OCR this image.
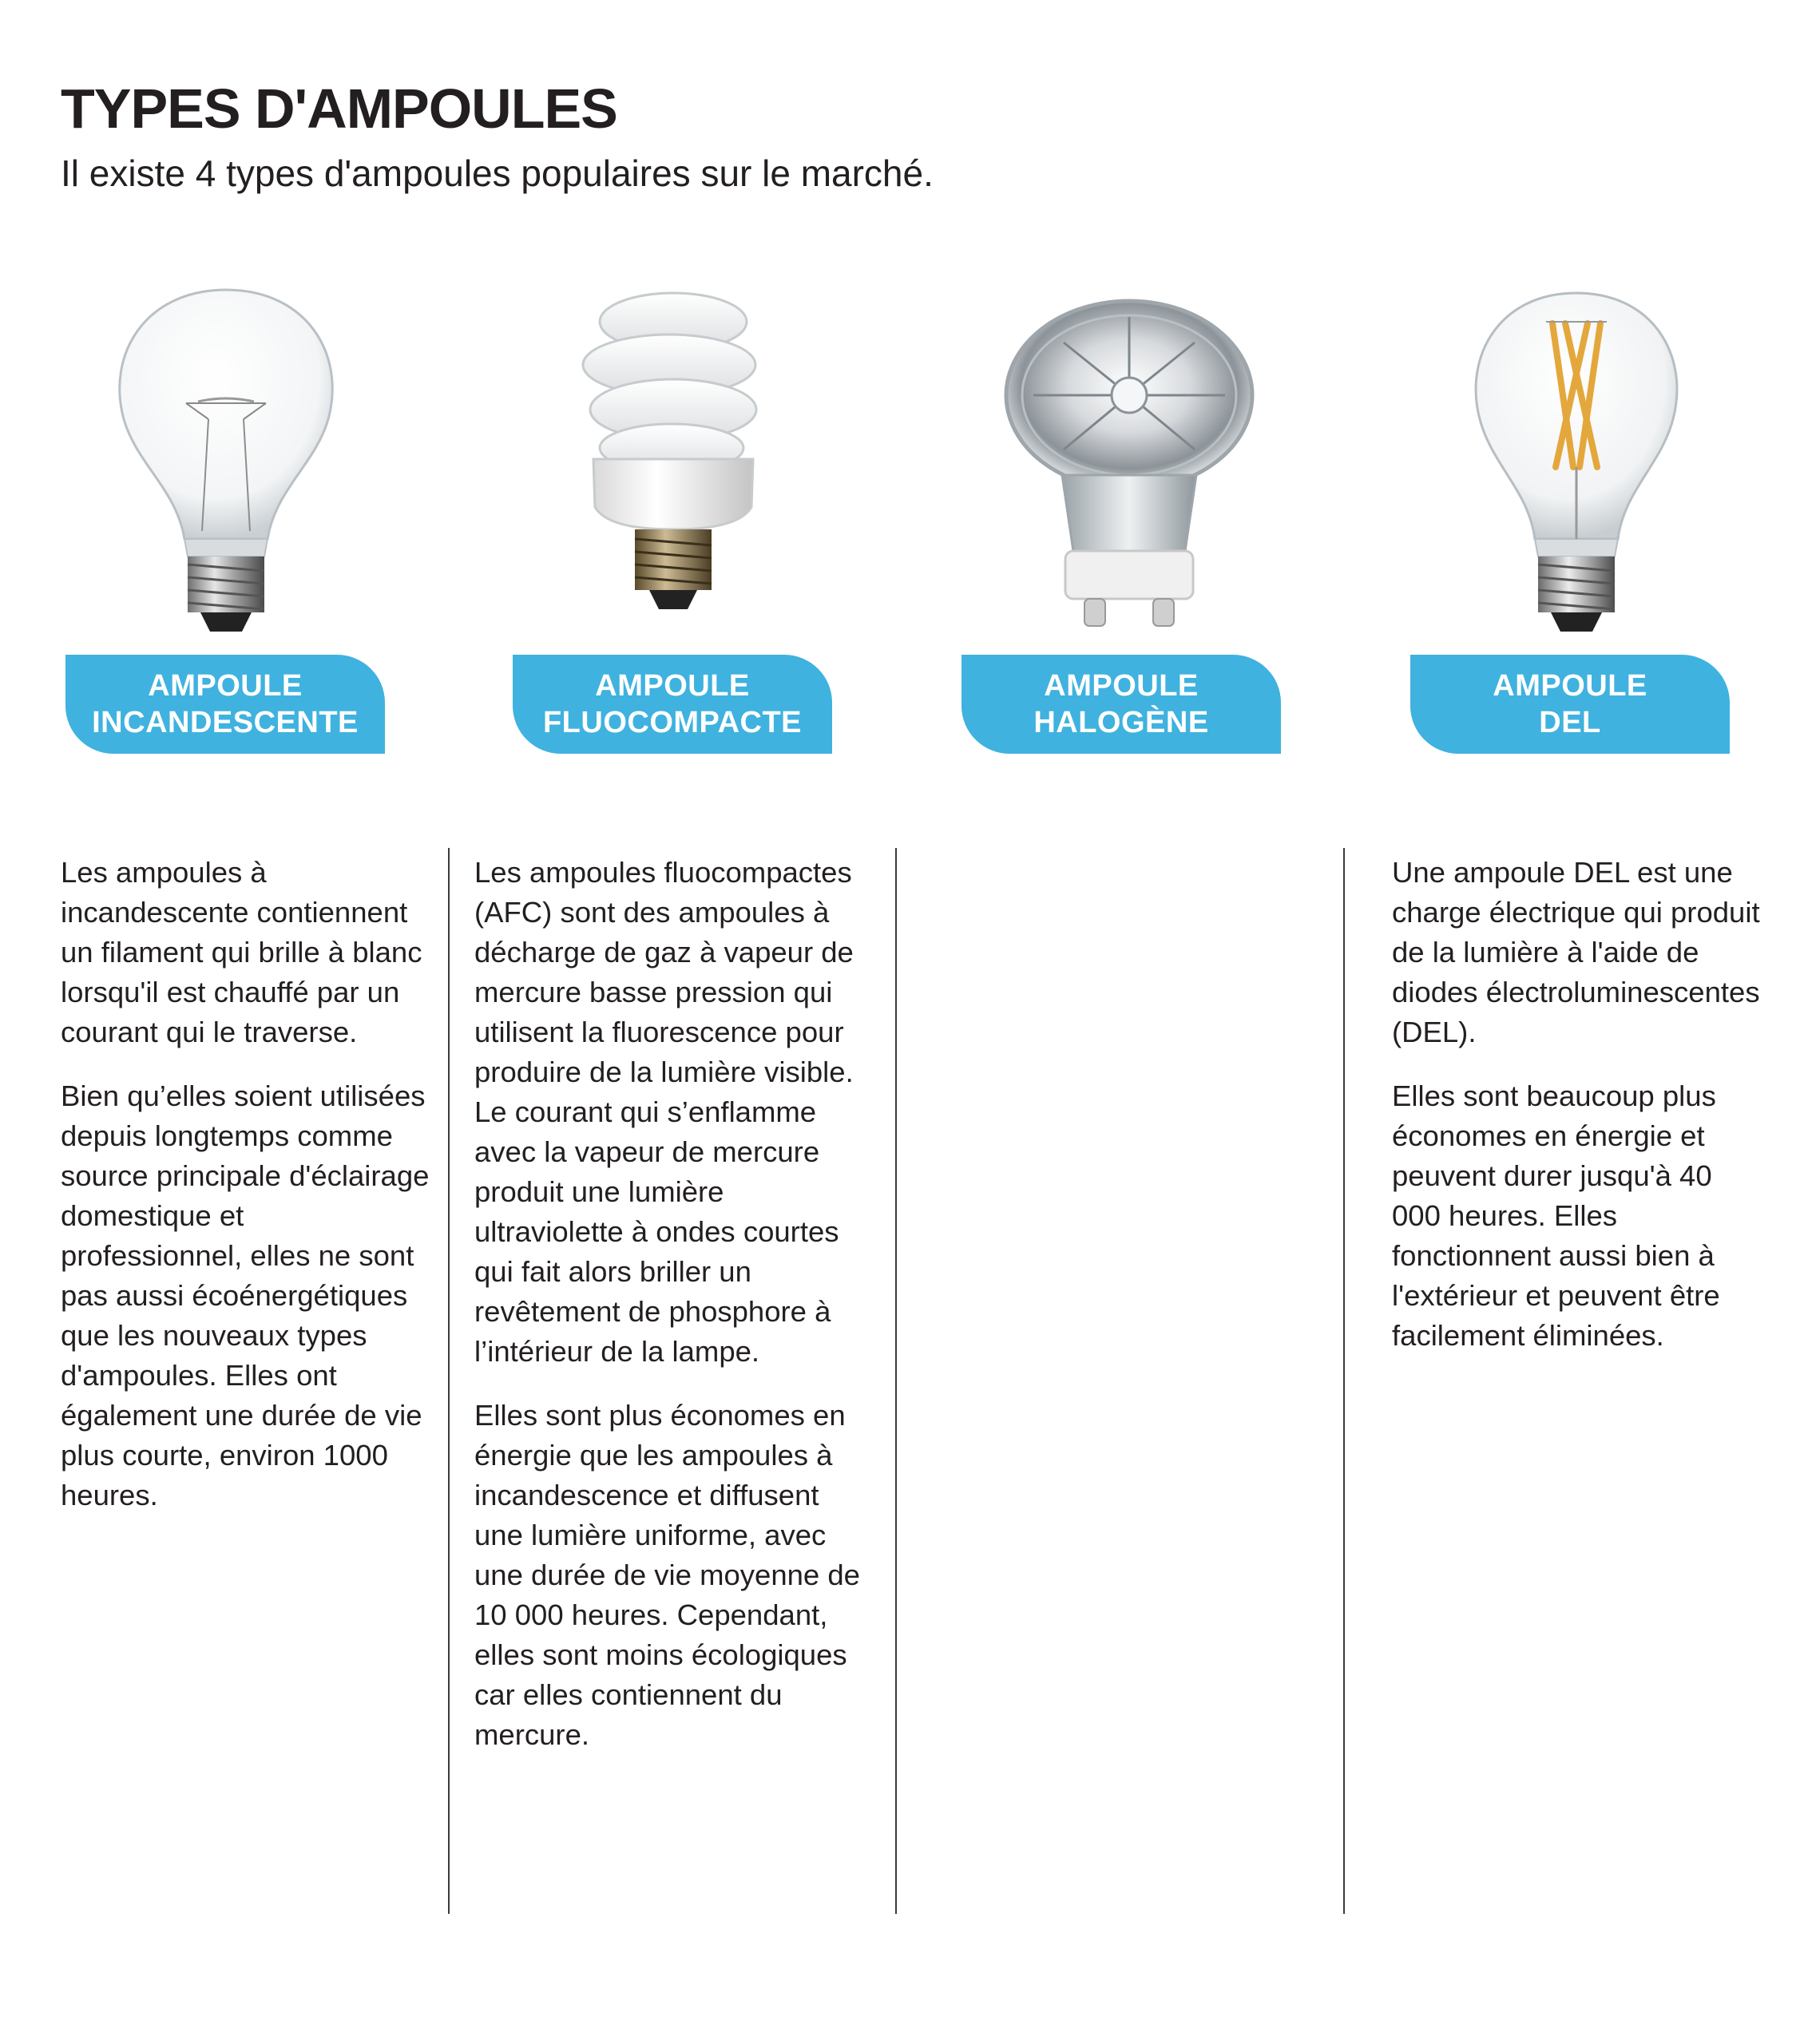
TYPES D'AMPOULES

Il existe 4 types d'ampoules populaires sur le marché.

AMPOULE
INCANDESCENTE
AMPOULE
FLUOCOMPACTE
AMPOULE
HALOGÈNE
AMPOULE
DEL

Les ampoules à incandescente contiennent un filament qui brille à blanc lorsqu'il est chauffé par un courant qui le traverse.

Bien qu’elles soient utilisées depuis longtemps comme source principale d'éclairage domestique et professionnel, elles ne sont pas aussi écoénergétiques que les nouveaux types d'ampoules. Elles ont également une durée de vie plus courte, environ 1000 heures.

Les ampoules fluocompactes (AFC) sont des ampoules à décharge de gaz à vapeur de mercure basse pression qui utilisent la fluorescence pour produire de la lumière visible. Le courant qui s’enflamme avec la vapeur de mercure produit une lumière ultraviolette à ondes courtes qui fait alors briller un revêtement de phosphore à l’intérieur de la lampe.

Elles sont plus économes en énergie que les ampoules à incandescence et diffusent une lumière uniforme, avec une durée de vie moyenne de 10 000 heures. Cependant, elles sont moins écologiques car elles contiennent du mercure.

Une ampoule DEL est une charge électrique qui produit de la lumière à l'aide de diodes électroluminescentes (DEL).

Elles sont beaucoup plus économes en énergie et peuvent durer jusqu'à 40 000 heures. Elles fonctionnent aussi bien à l'extérieur et peuvent être facilement éliminées.
